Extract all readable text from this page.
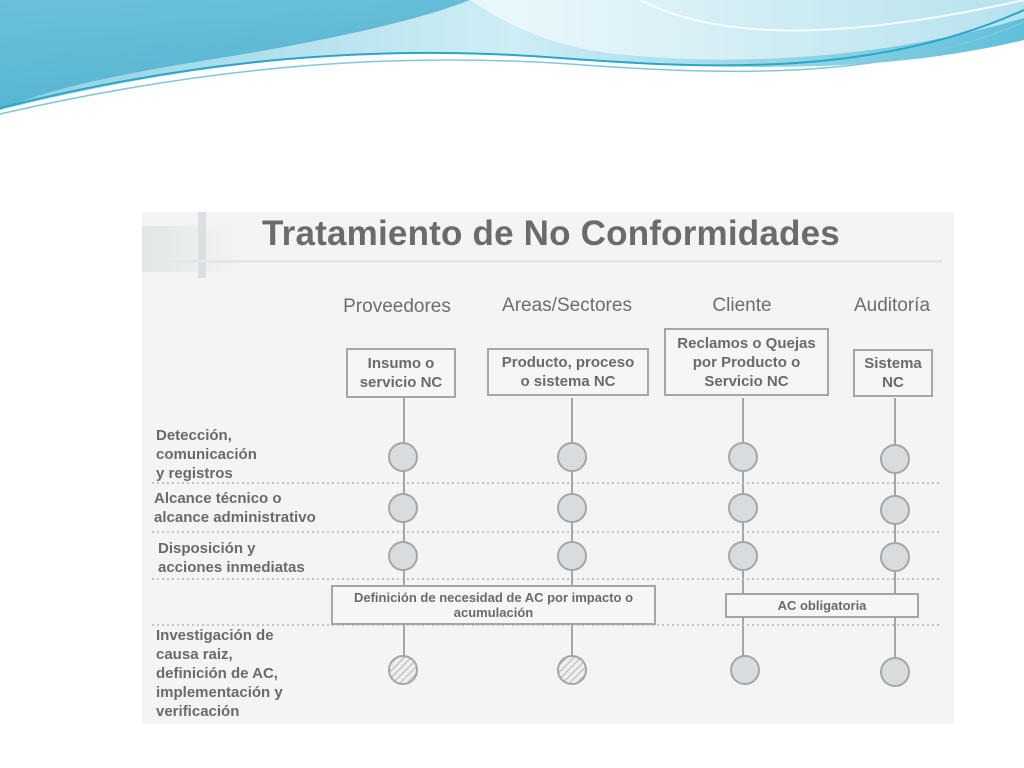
Tratamiento de No Conformidades
Proveedores	Areas/Sectores	Cliente	Auditoría
Insumo o
servicio NC
Producto, proceso
o sistema NC
Reclamos o Quejas
por Producto o
Servicio NC
Sistema
NC
Detección,
comunicación
y registros
Alcance técnico o
alcance administrativo
Disposición y
acciones inmediatas
Investigación de
causa raiz,
definición de AC,
implementación y
verificación
Definición de necesidad de AC por impacto o
acumulación	AC obligatoria
